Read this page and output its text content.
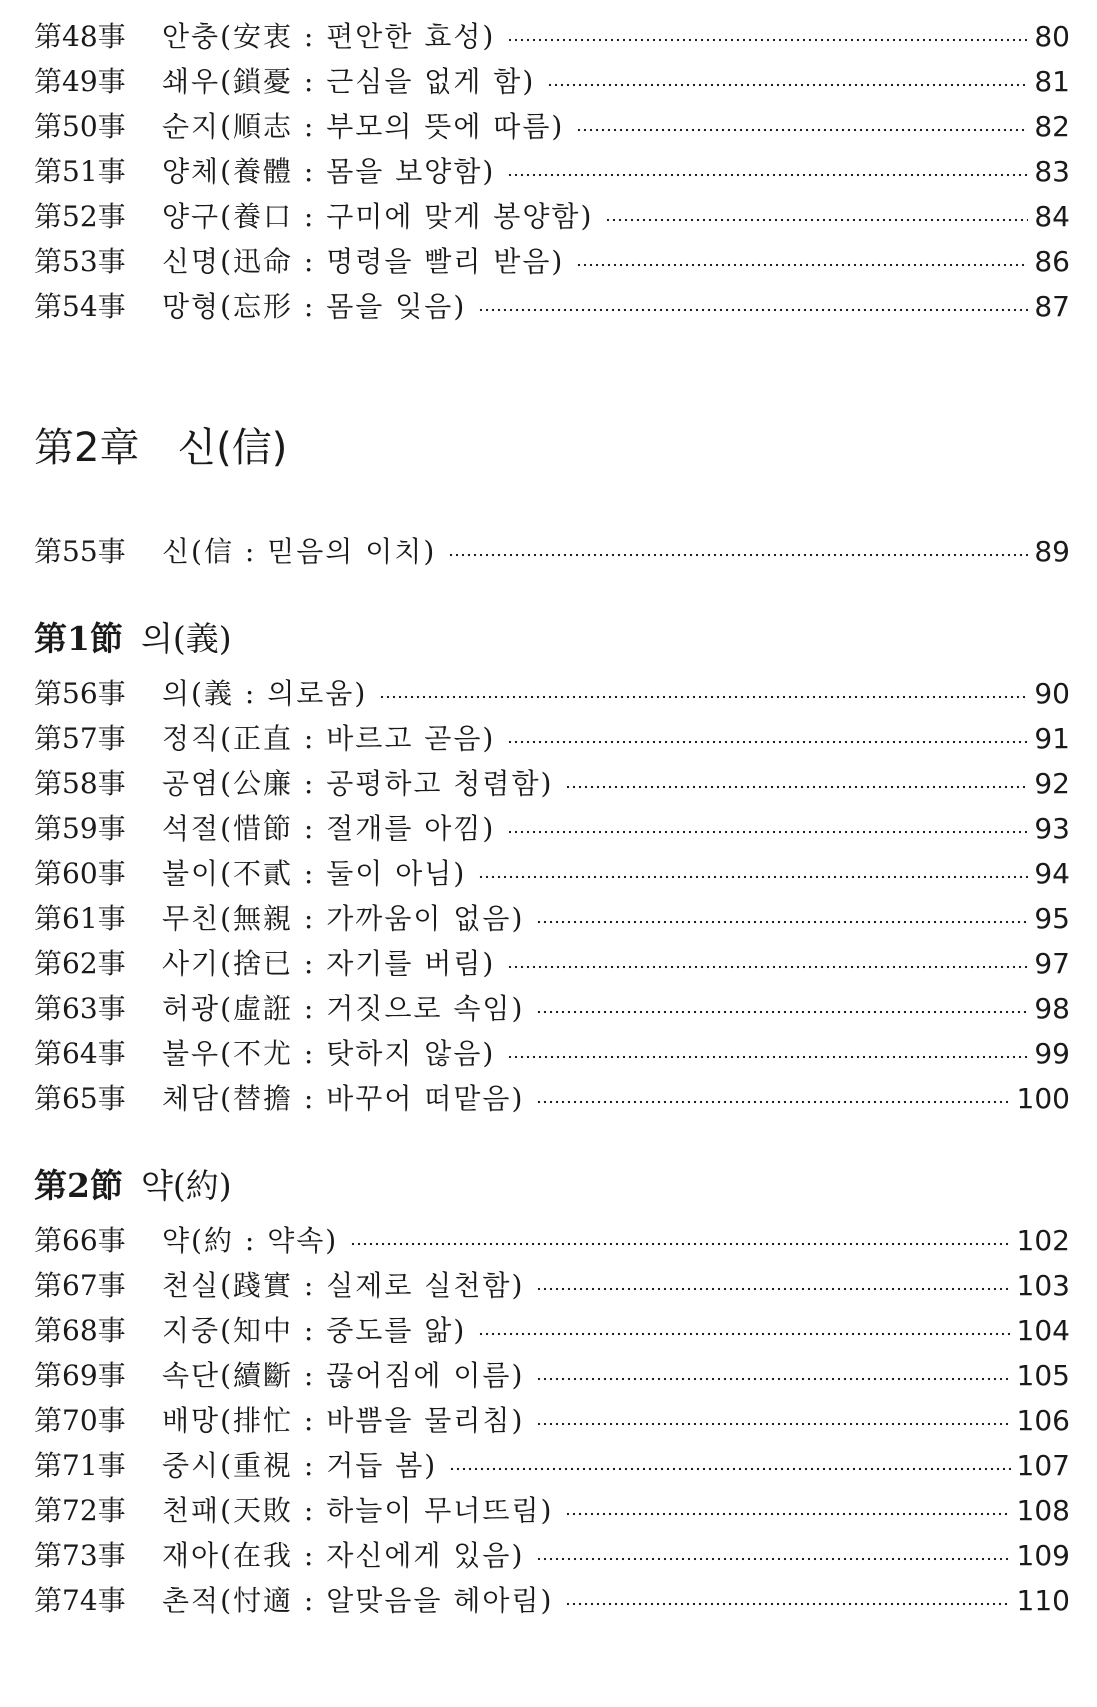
第48事	안충(安衷 : 편안한 효성)	80
第49事	쇄우(鎖憂 : 근심을 없게 함)	81
第50事	순지(順志 : 부모의 뜻에 따름)	82
第51事	양체(養體 : 몸을 보양함)	83
第52事	양구(養口 : 구미에 맞게 봉양함)	84
第53事	신명(迅命 : 명령을 빨리 받음)	86
第54事	망형(忘形 : 몸을 잊음)	87
第2章 신(信)
第55事	신(信 : 믿음의 이치)	89
第1節 의(義)
第56事	의(義 : 의로움)	90
第57事	정직(正直 : 바르고 곧음)	91
第58事	공염(公廉 : 공평하고 청렴함)	92
第59事	석절(惜節 : 절개를 아낌)	93
第60事	불이(不貳 : 둘이 아님)	94
第61事	무친(無親 : 가까움이 없음)	95
第62事	사기(捨已 : 자기를 버림)	97
第63事	허광(虛誑 : 거짓으로 속임)	98
第64事	불우(不尤 : 탓하지 않음)	99
第65事	체담(替擔 : 바꾸어 떠맡음)	100
第2節 약(約)
第66事	약(約 : 약속)	102
第67事	천실(踐實 : 실제로 실천함)	103
第68事	지중(知中 : 중도를 앎)	104
第69事	속단(續斷 : 끊어짐에 이름)	105
第70事	배망(排忙 : 바쁨을 물리침)	106
第71事	중시(重視 : 거듭 봄)	107
第72事	천패(天敗 : 하늘이 무너뜨림)	108
第73事	재아(在我 : 자신에게 있음)	109
第74事	촌적(忖適 : 알맞음을 헤아림)	110
